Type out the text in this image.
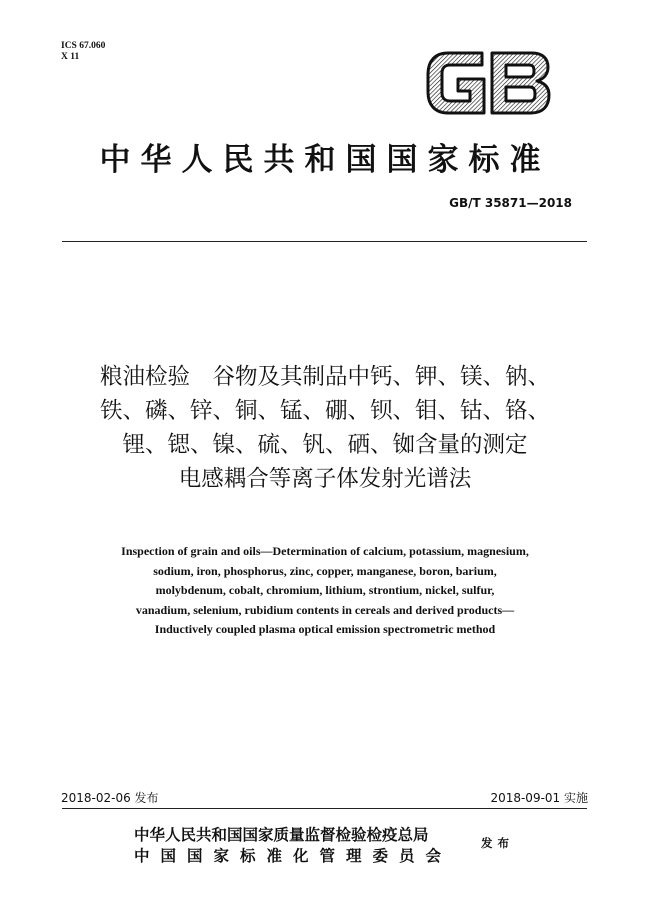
ICS 67.060
X 11
中华人民共和国国家标准
GB/T 35871—2018
粮油检验　谷物及其制品中钙、钾、镁、钠、
铁、磷、锌、铜、锰、硼、钡、钼、钴、铬、
锂、锶、镍、硫、钒、硒、铷含量的测定
电感耦合等离子体发射光谱法
Inspection of grain and oils—Determination of calcium, potassium, magnesium,
sodium, iron, phosphorus, zinc, copper, manganese, boron, barium,
molybdenum, cobalt, chromium, lithium, strontium, nickel, sulfur,
vanadium, selenium, rubidium contents in cereals and derived products—
Inductively coupled plasma optical emission spectrometric method
2018-02-06 发布	2018-09-01 实施
中华人民共和国国家质量监督检验检疫总局
中国国家标准化管理委员会
发布
